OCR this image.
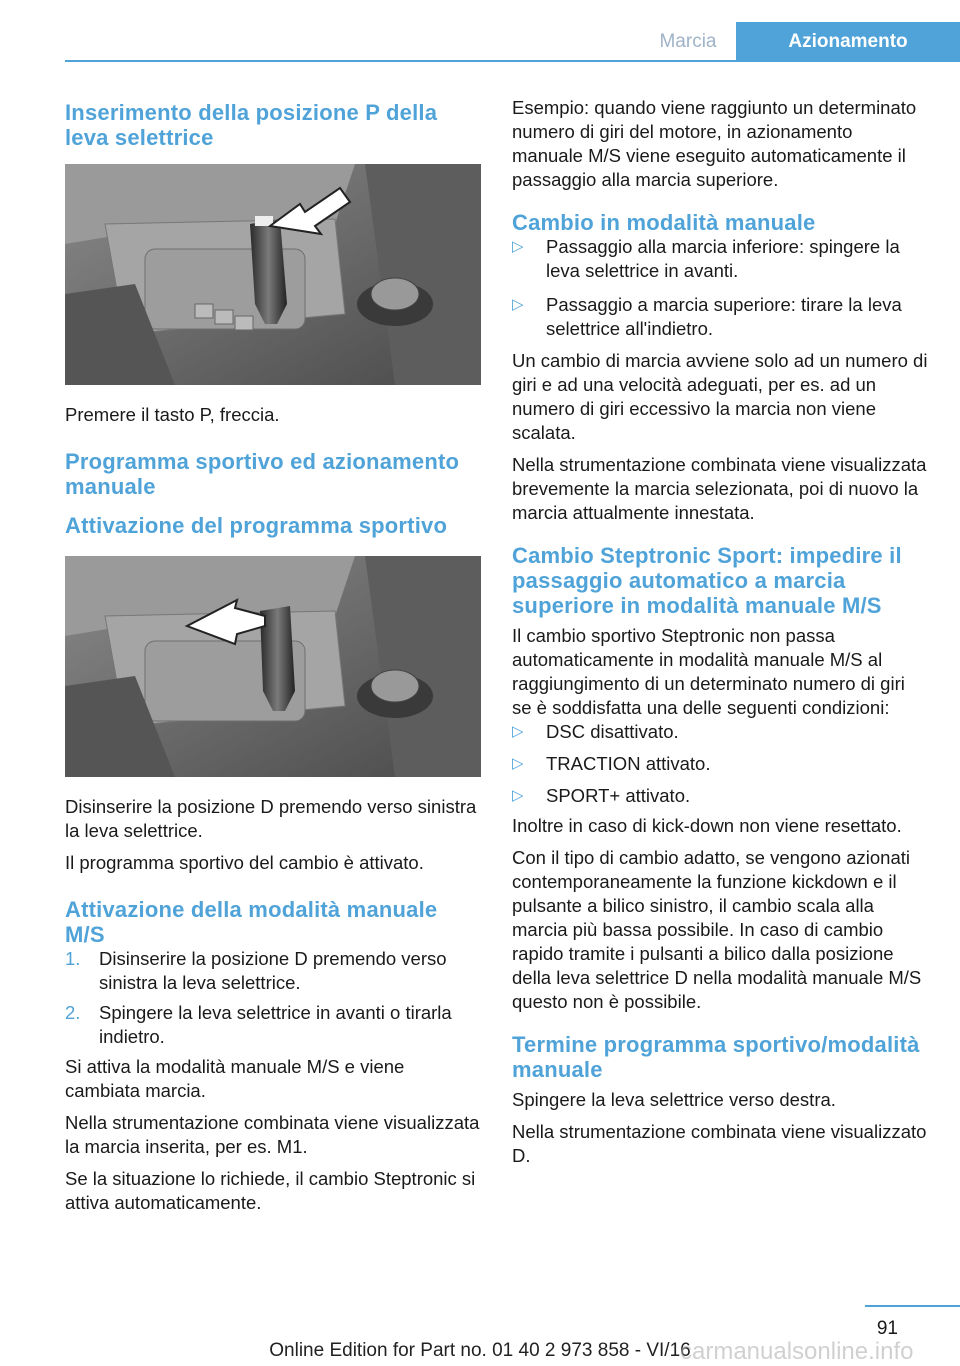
Marcia	Azionamento
Inserimento della posizione P della leva selettrice

Premere il tasto P, freccia.

Programma sportivo ed azionamento manuale
Attivazione del programma sportivo

Disinserire la posizione D premendo verso sinistra la leva selettrice.

Il programma sportivo del cambio è attivato.

Attivazione della modalità manuale M/S
1. Disinserire la posizione D premendo verso sinistra la leva selettrice.
2. Spingere la leva selettrice in avanti o tirarla indietro.

Si attiva la modalità manuale M/S e viene cambiata marcia.

Nella strumentazione combinata viene visualizzata la marcia inserita, per es. M1.

Se la situazione lo richiede, il cambio Steptronic si attiva automaticamente.

Esempio: quando viene raggiunto un determinato numero di giri del motore, in azionamento manuale M/S viene eseguito automaticamente il passaggio alla marcia superiore.

Cambio in modalità manuale
▷ Passaggio alla marcia inferiore: spingere la leva selettrice in avanti.
▷ Passaggio a marcia superiore: tirare la leva selettrice all'indietro.

Un cambio di marcia avviene solo ad un numero di giri e ad una velocità adeguati, per es. ad un numero di giri eccessivo la marcia non viene scalata.

Nella strumentazione combinata viene visualizzata brevemente la marcia selezionata, poi di nuovo la marcia attualmente innestata.

Cambio Steptronic Sport: impedire il passaggio automatico a marcia superiore in modalità manuale M/S

Il cambio sportivo Steptronic non passa automaticamente in modalità manuale M/S al raggiungimento di un determinato numero di giri se è soddisfatta una delle seguenti condizioni:

▷ DSC disattivato.
▷ TRACTION attivato.
▷ SPORT+ attivato.

Inoltre in caso di kick-down non viene resettato.

Con il tipo di cambio adatto, se vengono azionati contemporaneamente la funzione kickdown e il pulsante a bilico sinistro, il cambio scala alla marcia più bassa possibile. In caso di cambio rapido tramite i pulsanti a bilico dalla posizione della leva selettrice D nella modalità manuale M/S questo non è possibile.

Termine programma sportivo/modalità manuale

Spingere la leva selettrice verso destra.

Nella strumentazione combinata viene visualizzato D.

91
Online Edition for Part no. 01 40 2 973 858 - VI/16
carmanualsonline.info
